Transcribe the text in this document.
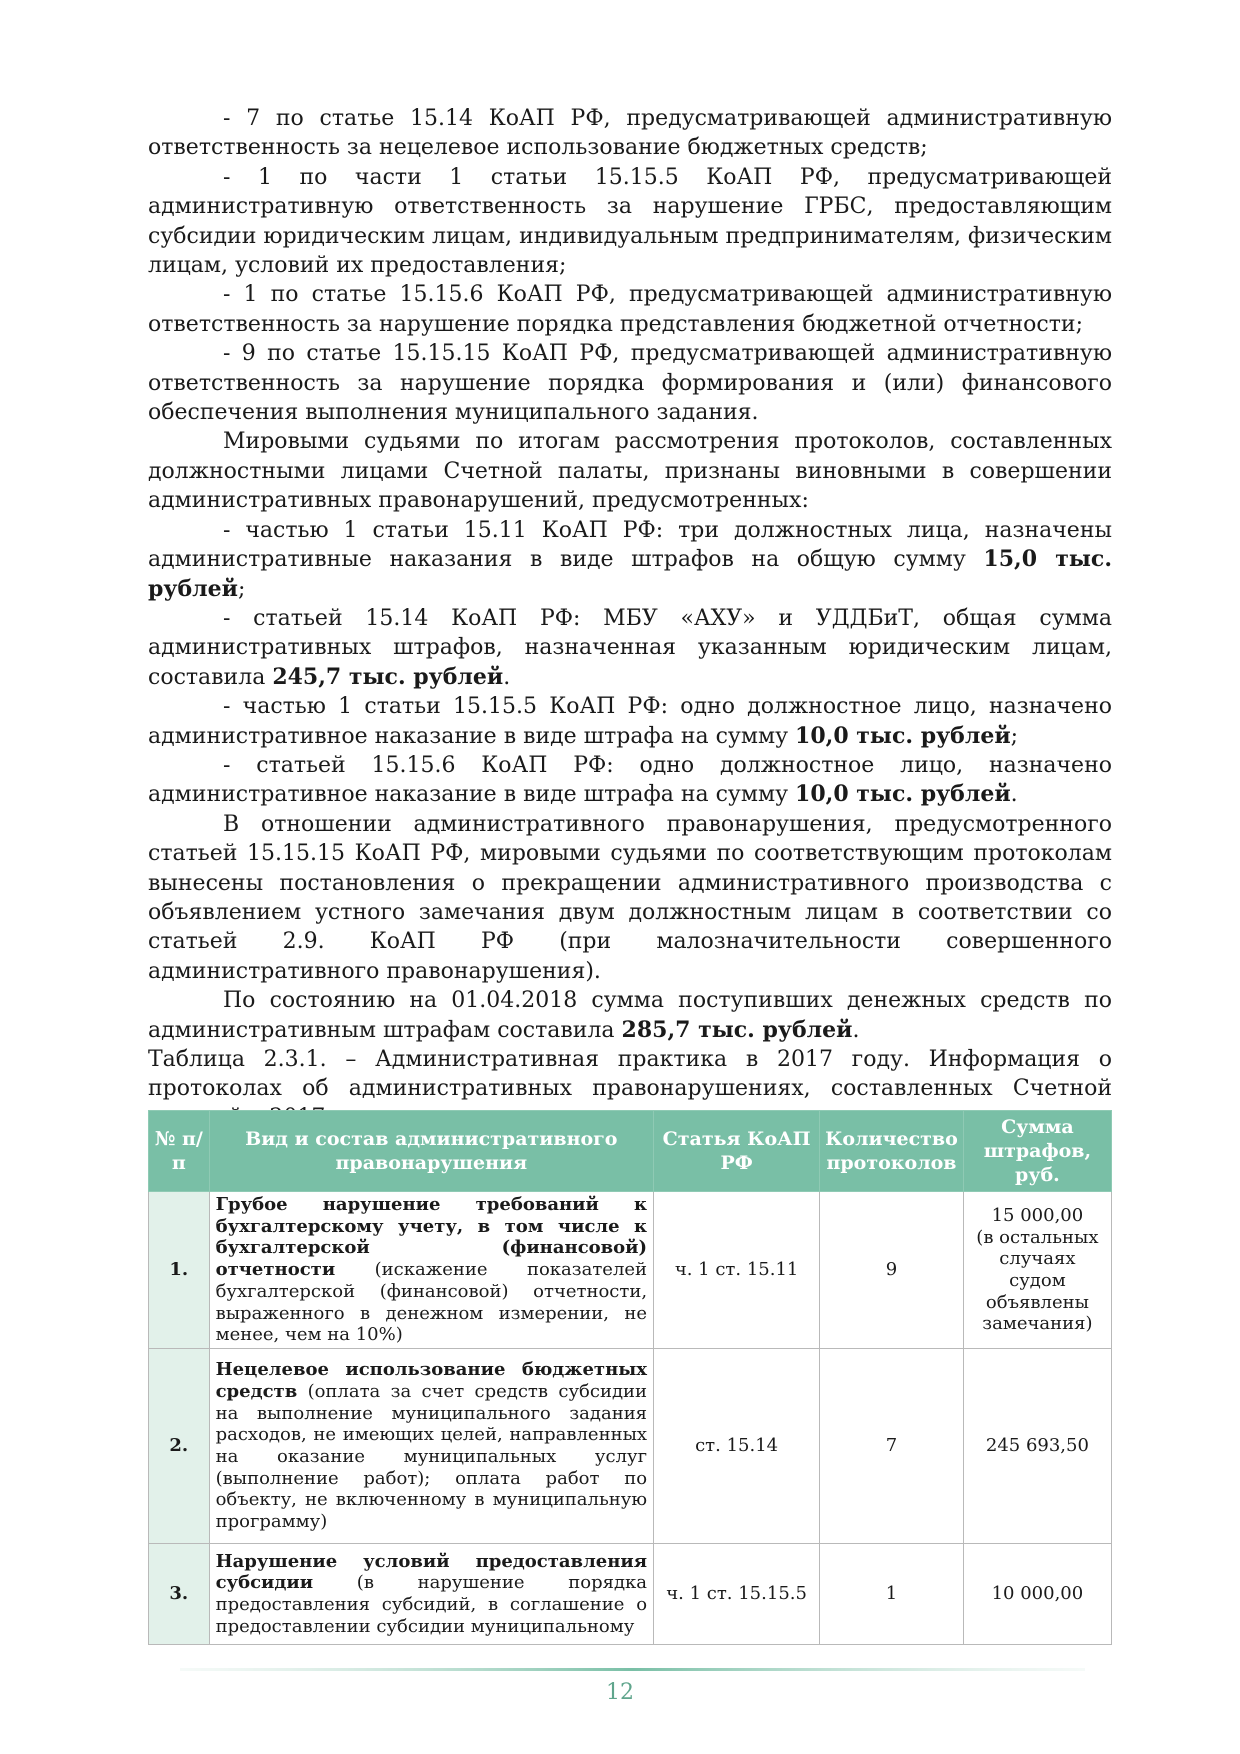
- 7 по статье 15.14 КоАП РФ, предусматривающей административную ответственность за нецелевое использование бюджетных средств;

- 1 по части 1 статьи 15.15.5 КоАП РФ, предусматривающей административную ответственность за нарушение ГРБС, предоставляющим субсидии юридическим лицам, индивидуальным предпринимателям, физическим лицам, условий их предоставления;

- 1 по статье 15.15.6 КоАП РФ, предусматривающей административную ответственность за нарушение порядка представления бюджетной отчетности;

- 9 по статье 15.15.15 КоАП РФ, предусматривающей административную ответственность за нарушение порядка формирования и (или) финансового обеспечения выполнения муниципального задания.

Мировыми судьями по итогам рассмотрения протоколов, составленных должностными лицами Счетной палаты, признаны виновными в совершении административных правонарушений, предусмотренных:

- частью 1 статьи 15.11 КоАП РФ: три должностных лица, назначены административные наказания в виде штрафов на общую сумму 15,0 тыс. рублей;

- статьей 15.14 КоАП РФ: МБУ «АХУ» и УДДБиТ, общая сумма административных штрафов, назначенная указанным юридическим лицам, составила 245,7 тыс. рублей.

- частью 1 статьи 15.15.5 КоАП РФ: одно должностное лицо, назначено административное наказание в виде штрафа на сумму 10,0 тыс. рублей;

- статьей 15.15.6 КоАП РФ: одно должностное лицо, назначено административное наказание в виде штрафа на сумму 10,0 тыс. рублей.

В отношении административного правонарушения, предусмотренного статьей 15.15.15 КоАП РФ, мировыми судьями по соответствующим протоколам вынесены постановления о прекращении административного производства с объявлением устного замечания двум должностным лицам в соответствии со статьей 2.9. КоАП РФ (при малозначительности совершенного административного правонарушения).

По состоянию на 01.04.2018 сумма поступивших денежных средств по административным штрафам составила 285,7 тыс. рублей.

Таблица 2.3.1. – Административная практика в 2017 году. Информация о протоколах об административных правонарушениях, составленных Счетной

№ п/п	Вид и состав административного правонарушения	Статья КоАП РФ	Количество протоколов	Сумма штрафов, руб.
1.	Грубое нарушение требований к бухгалтерскому учету, в том числе к бухгалтерской (финансовой) отчетности (искажение показателей бухгалтерской (финансовой) отчетности, выраженного в денежном измерении, не менее, чем на 10%)	ч. 1 ст. 15.11	9	15 000,00
(в остальных случаях судом объявлены замечания)

2.	Нецелевое использование бюджетных средств (оплата за счет средств субсидии на выполнение муниципального задания расходов, не имеющих целей, направленных на оказание муниципальных услуг (выполнение работ); оплата работ по объекту, не включенному в муниципальную программу)	ст. 15.14	7	245 693,50

3.	Нарушение условий предоставления субсидии (в нарушение порядка предоставления субсидий, в соглашение о предоставлении субсидии муниципальному	ч. 1 ст. 15.15.5	1	10 000,00
12
